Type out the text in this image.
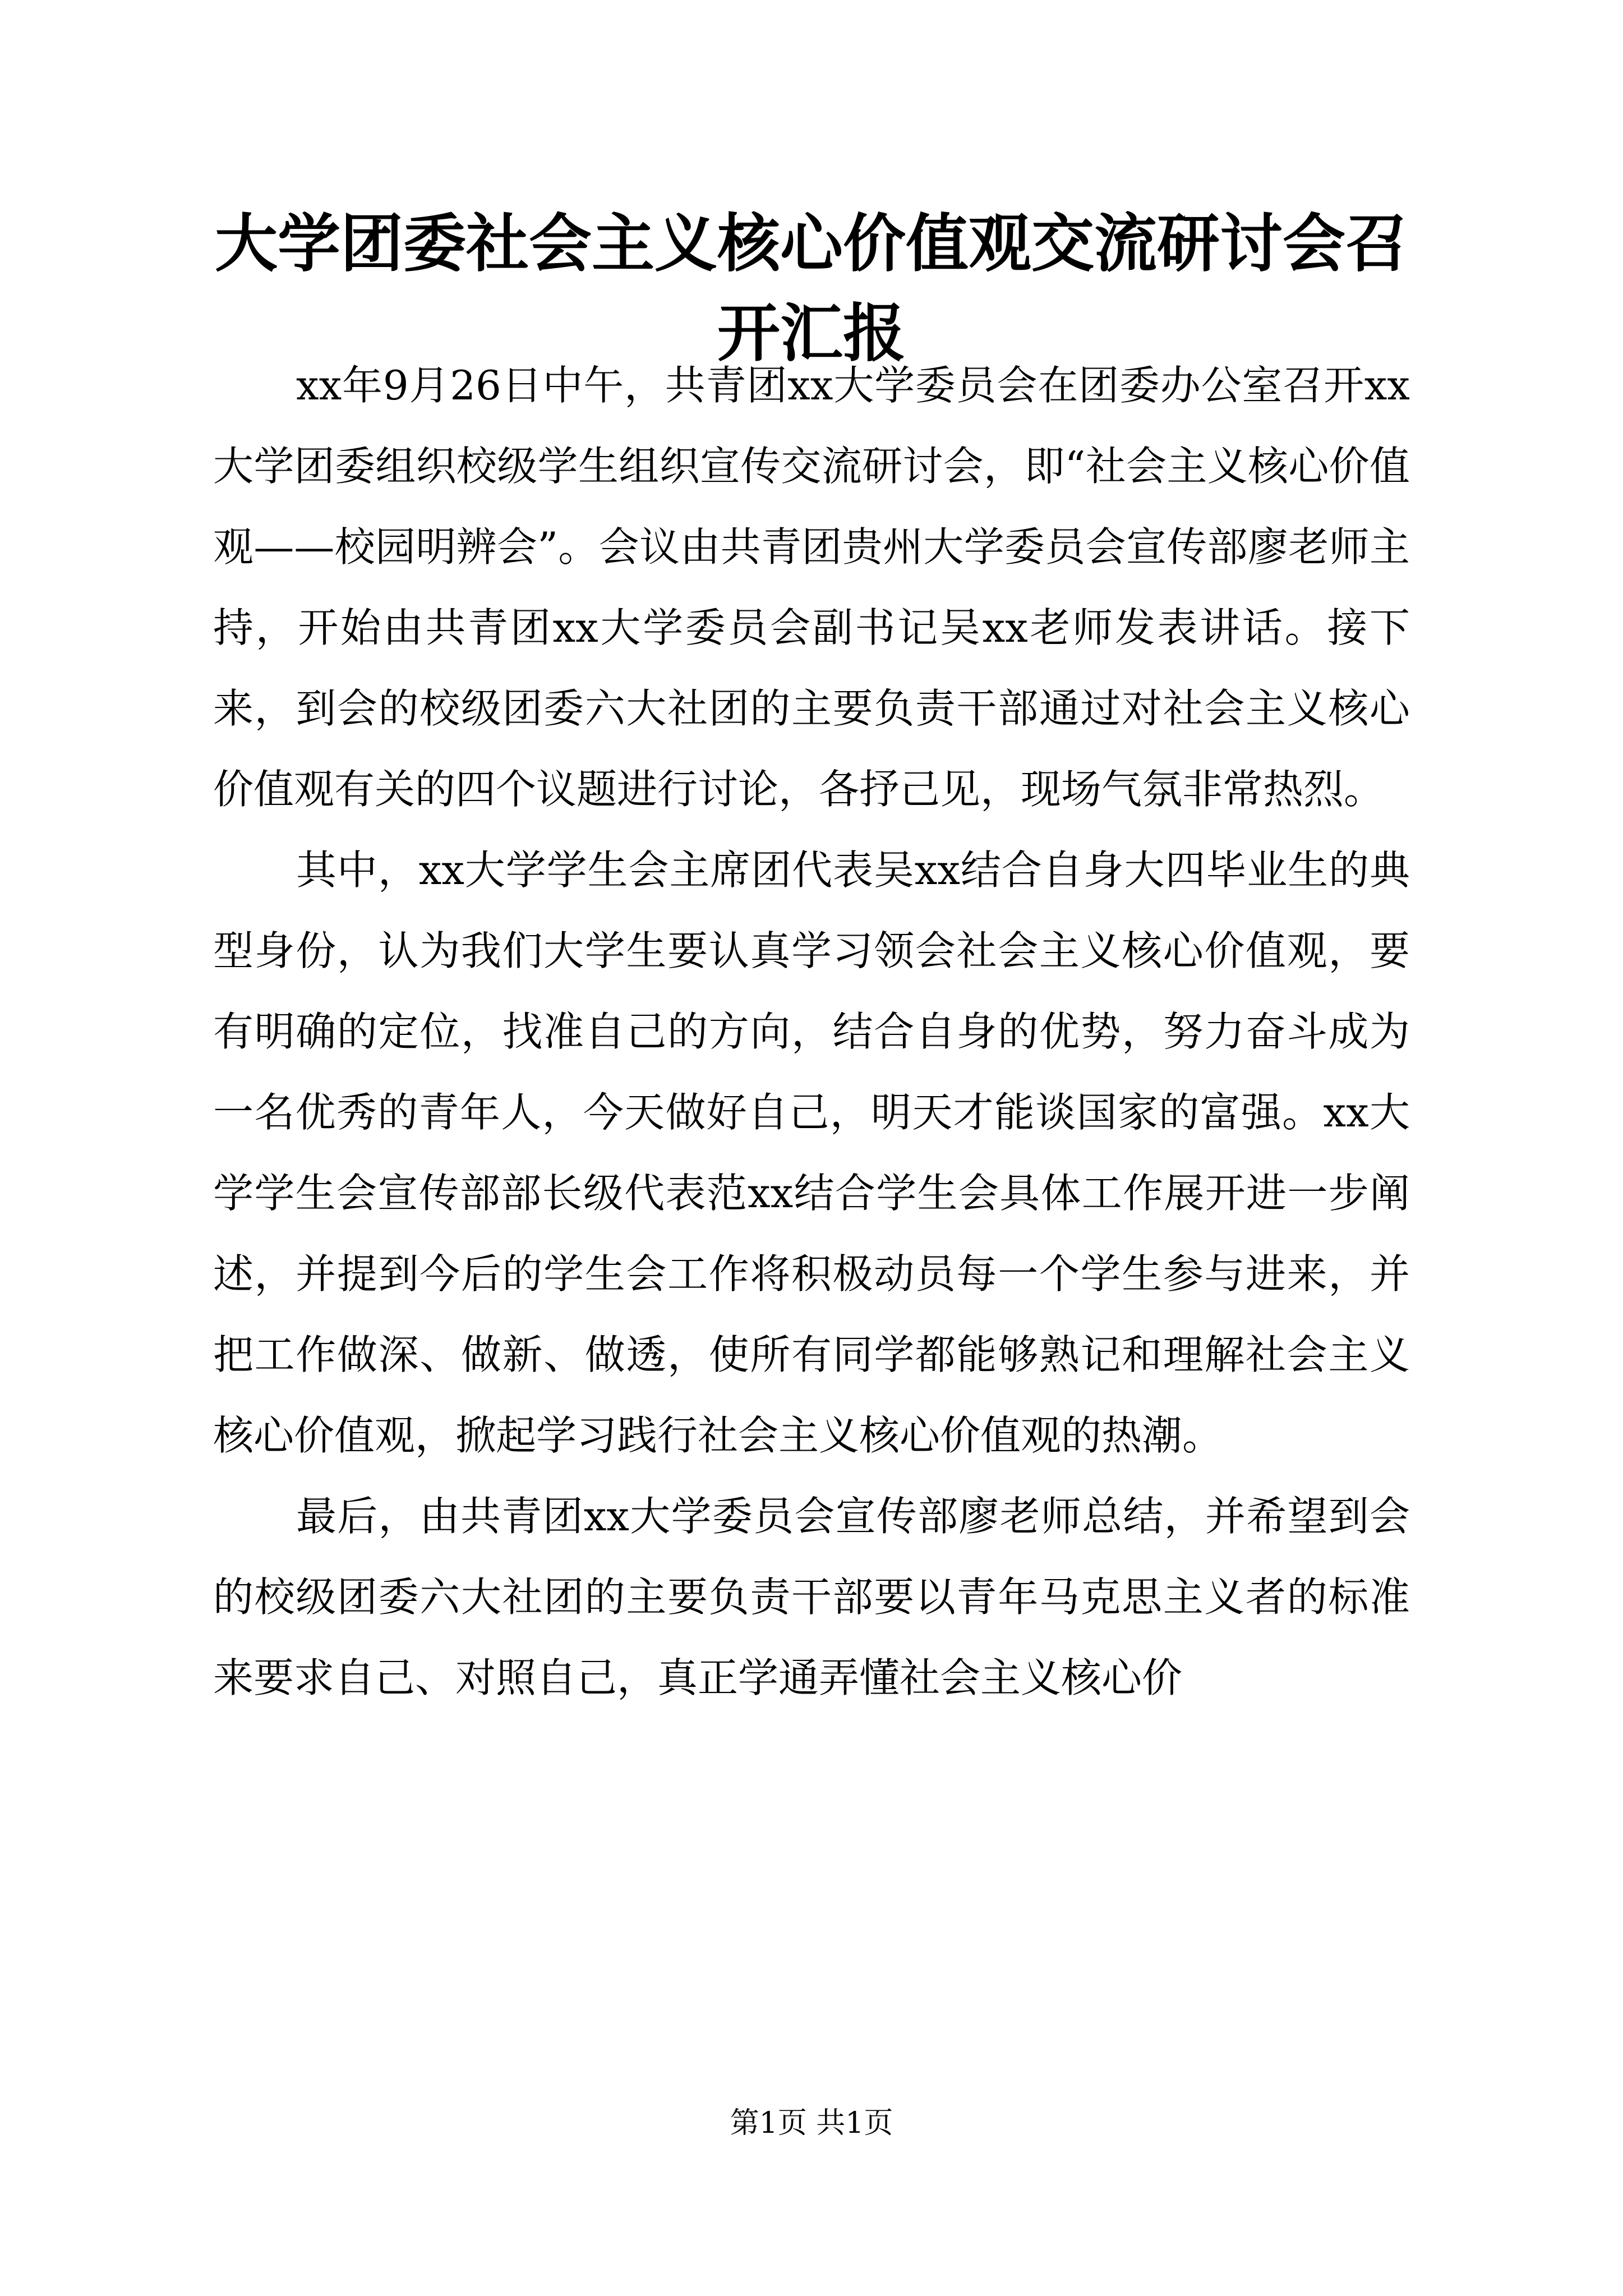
大学团委社会主义核心价值观交流研讨会召开汇报

xx年9月26日中午，共青团xx大学委员会在团委办公室召开xx大学团委组织校级学生组织宣传交流研讨会，即“社会主义核心价值观——校园明辨会”。会议由共青团贵州大学委员会宣传部廖老师主持，开始由共青团xx大学委员会副书记吴xx老师发表讲话。接下来，到会的校级团委六大社团的主要负责干部通过对社会主义核心价值观有关的四个议题进行讨论，各抒己见，现场气氛非常热烈。

其中，xx大学学生会主席团代表吴xx结合自身大四毕业生的典型身份，认为我们大学生要认真学习领会社会主义核心价值观，要有明确的定位，找准自己的方向，结合自身的优势，努力奋斗成为一名优秀的青年人，今天做好自己，明天才能谈国家的富强。xx大学学生会宣传部部长级代表范xx结合学生会具体工作展开进一步阐述，并提到今后的学生会工作将积极动员每一个学生参与进来，并把工作做深、做新、做透，使所有同学都能够熟记和理解社会主义核心价值观，掀起学习践行社会主义核心价值观的热潮。

最后，由共青团xx大学委员会宣传部廖老师总结，并希望到会的校级团委六大社团的主要负责干部要以青年马克思主义者的标准来要求自己、对照自己，真正学通弄懂社会主义核心价

第1页 共1页
